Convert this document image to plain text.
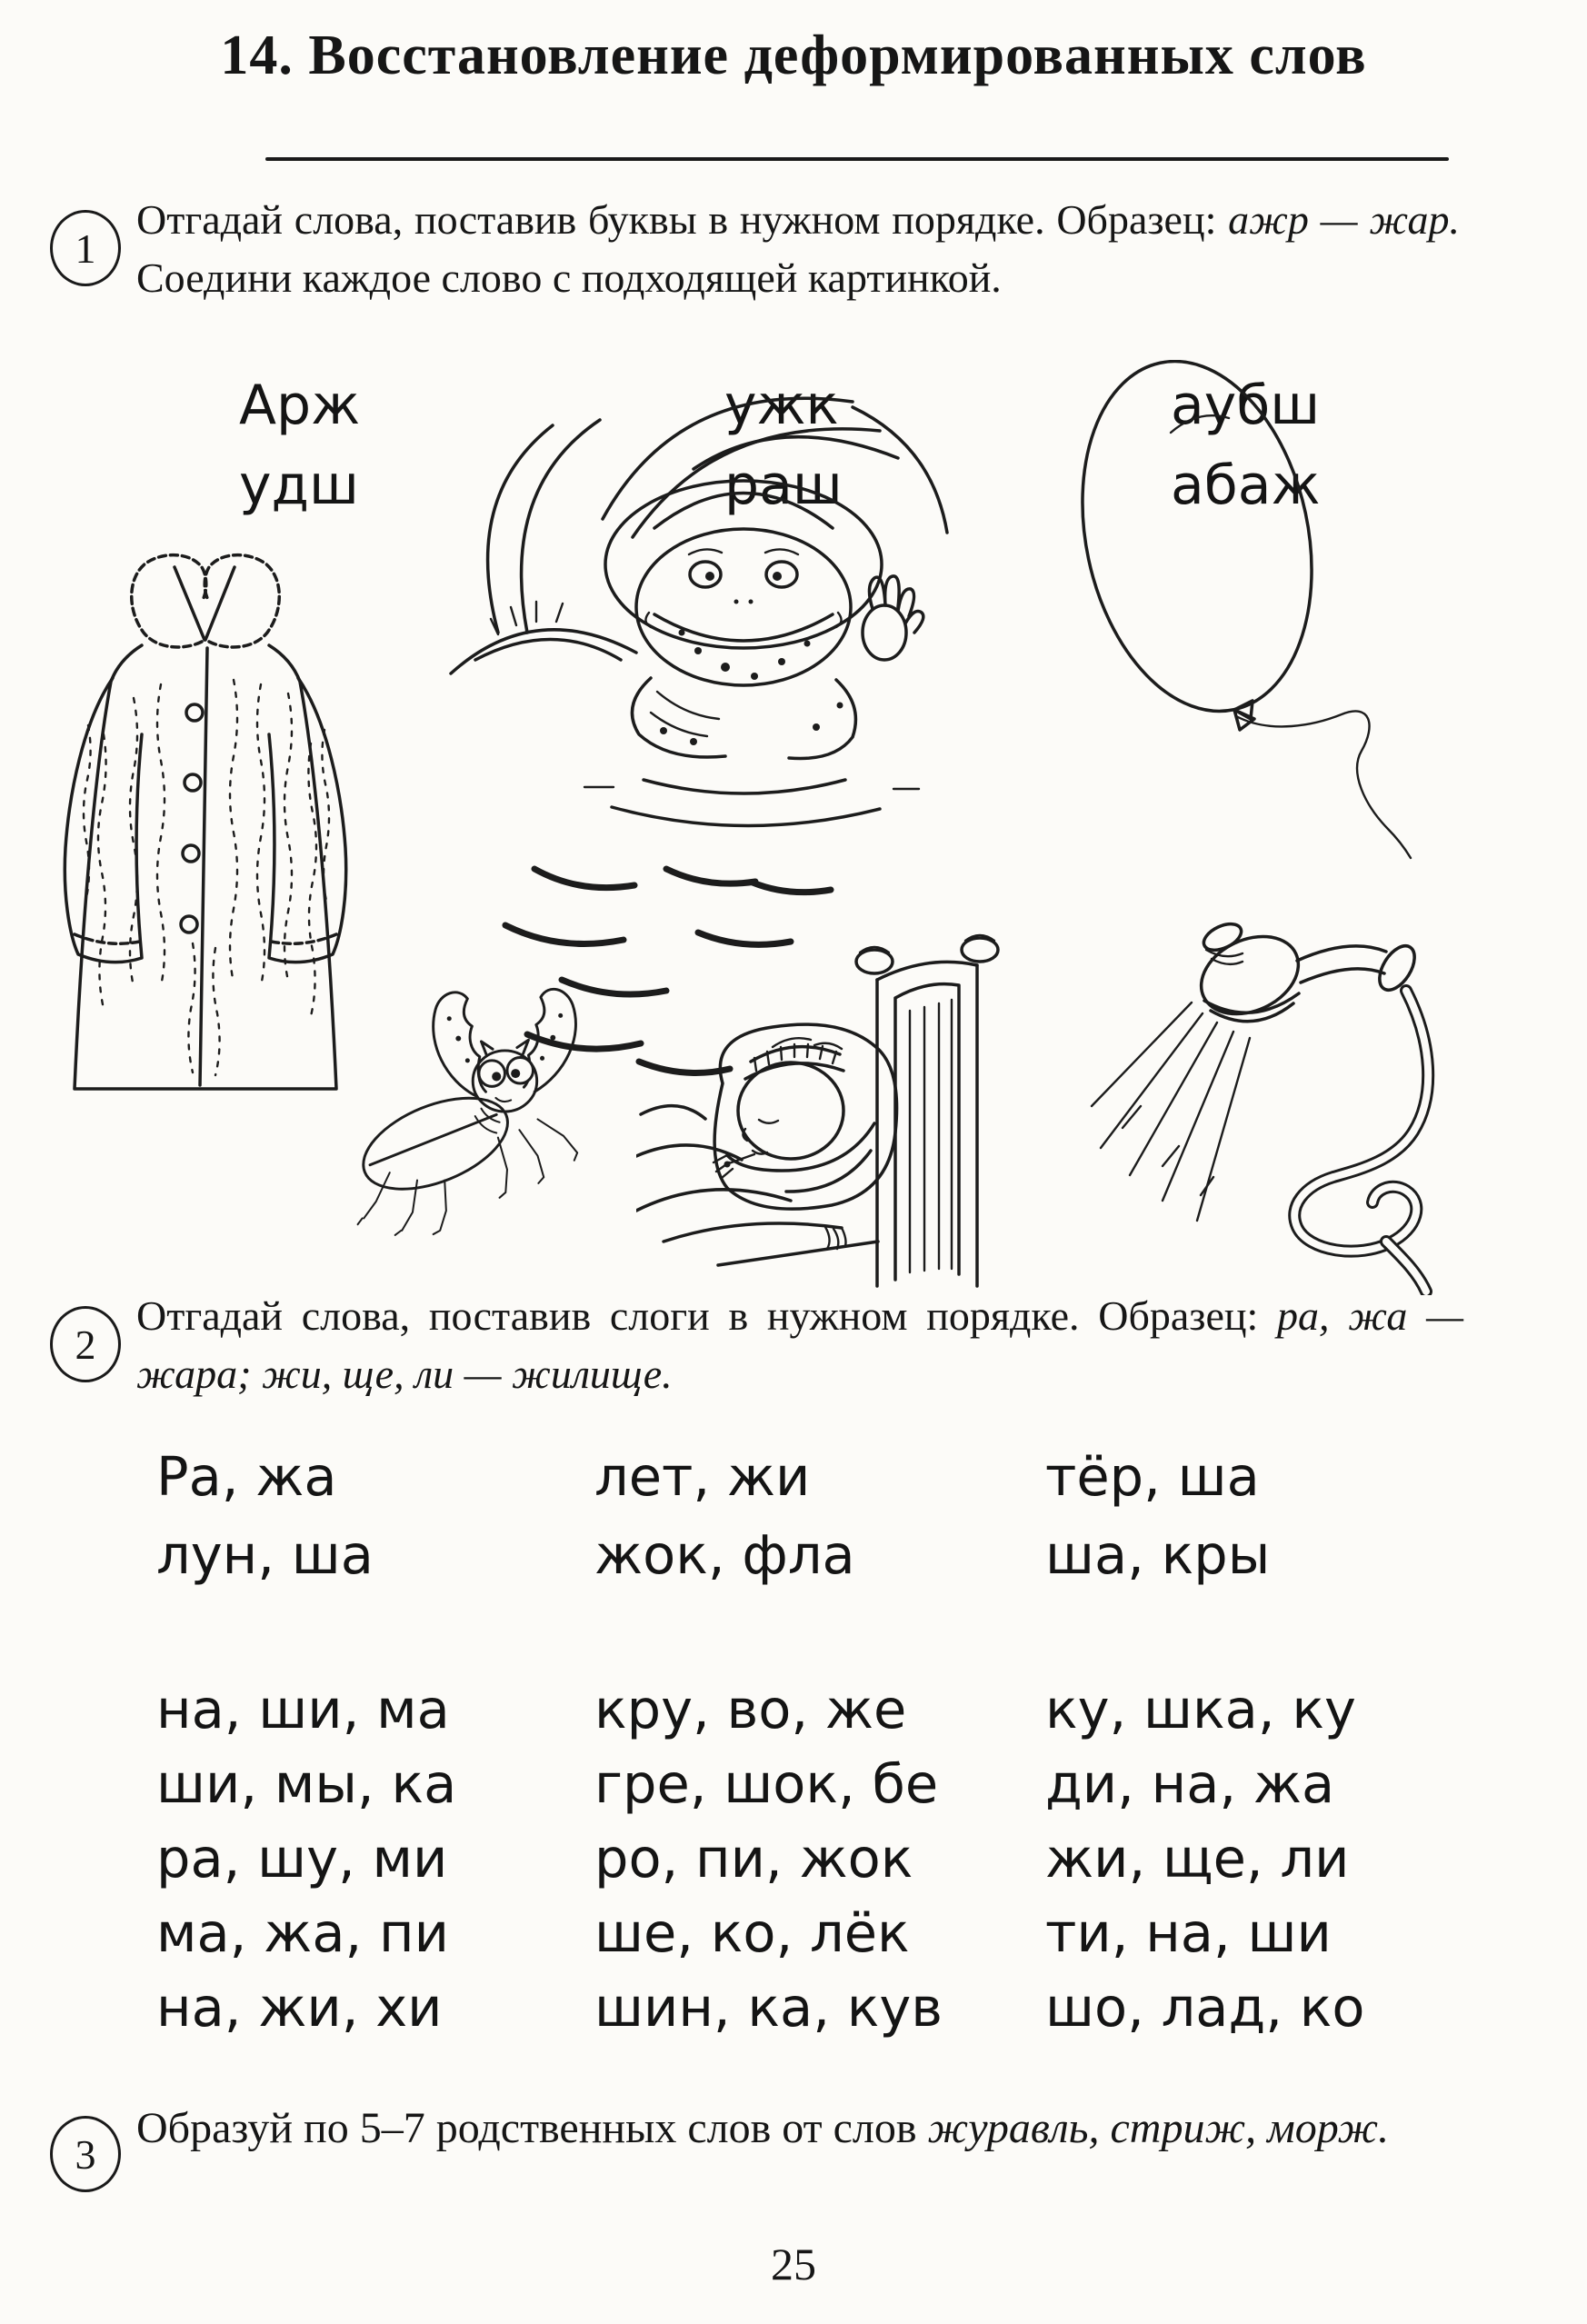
14. Восстановление деформированных слов
1

Отгадай слова, поставив буквы в нужном порядке. Образец: ажр — жар. Соедини каждое слово с подходящей картинкой.

Арж
удш
ужк
раш
аубш
абаж
2

Отгадай слова, поставив слоги в нужном порядке. Образец: ра, жа — жара; жи, ще, ли — жилище.

Ра, жа
лун, ша
лет, жи
жок, фла
тёр, ша
ша, кры
на, ши, ма
ши, мы, ка
ра, шу, ми
ма, жа, пи
на, жи, хи
кру, во, же
гре, шок, бе
ро, пи, жок
ше, ко, лёк
шин, ка, кув
ку, шка, ку
ди, на, жа
жи, ще, ли
ти, на, ши
шо, лад, ко
3

Образуй по 5–7 родственных слов от слов журавль, стриж, морж.

25
